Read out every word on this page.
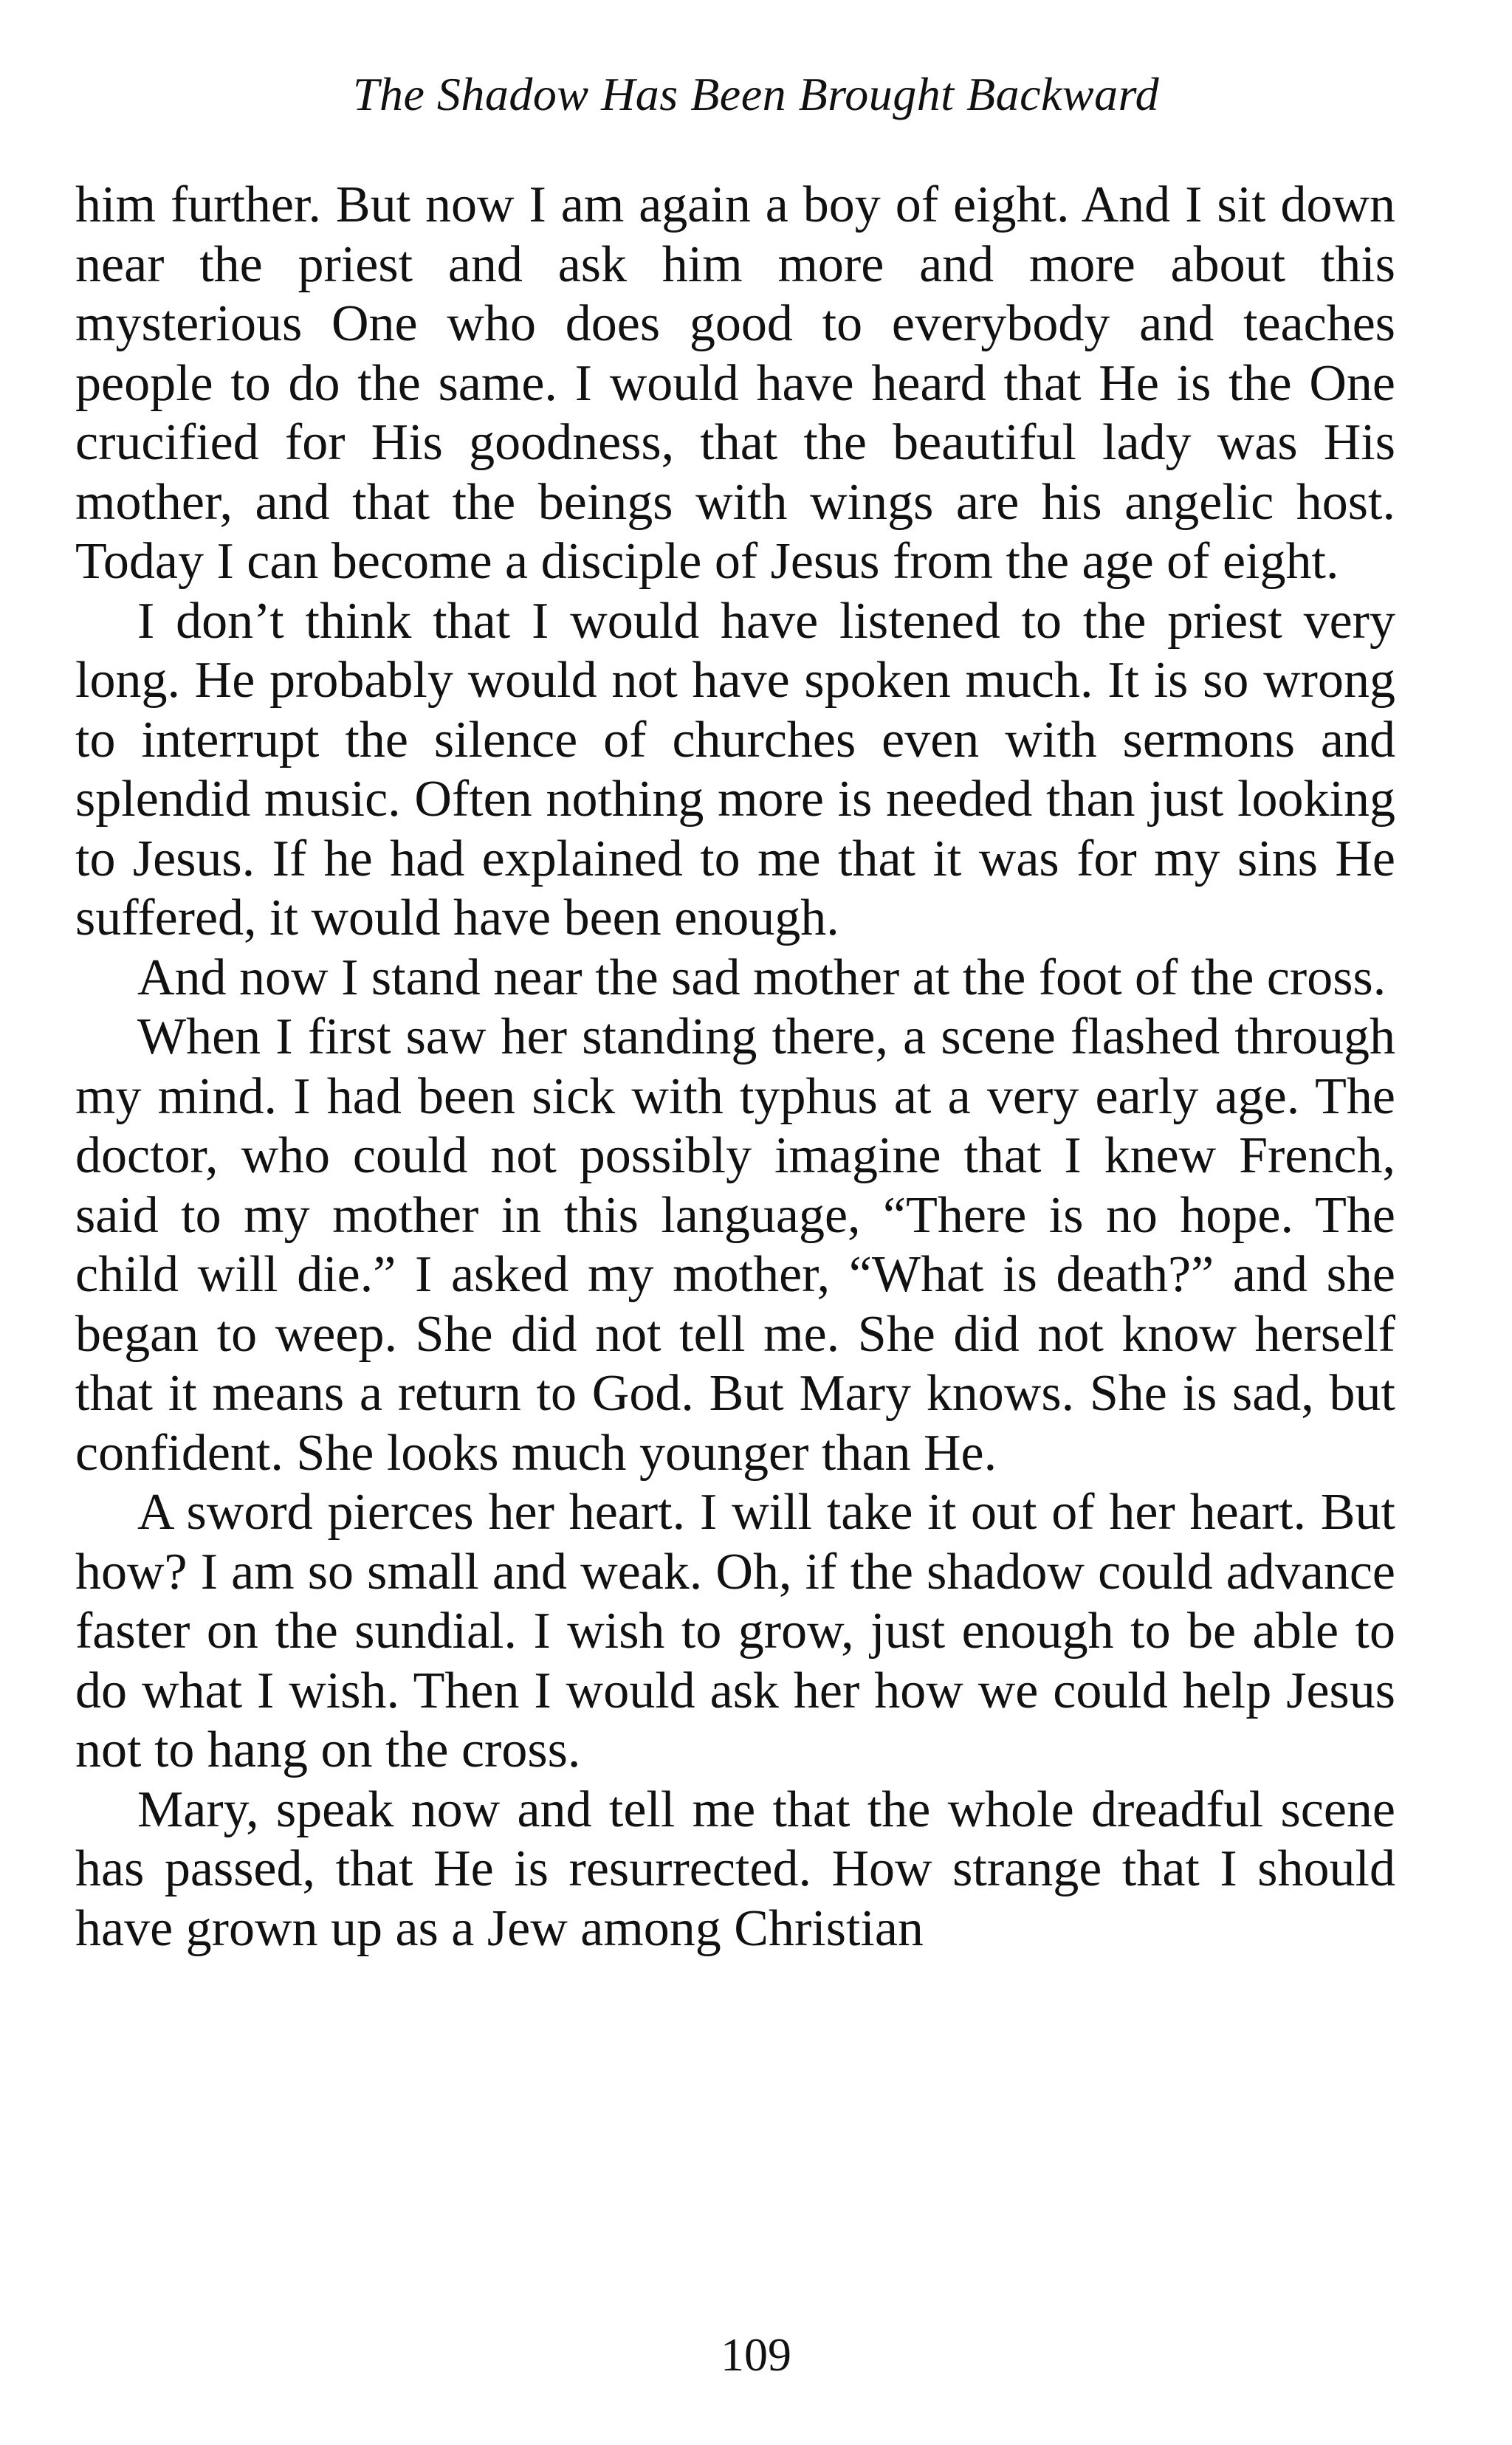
The Shadow Has Been Brought Backward

him further. But now I am again a boy of eight. And I sit down near the priest and ask him more and more about this mysterious One who does good to everybody and teaches people to do the same. I would have heard that He is the One crucified for His goodness, that the beautiful lady was His mother, and that the beings with wings are his angelic host. Today I can become a disciple of Jesus from the age of eight.

I don’t think that I would have listened to the priest very long. He probably would not have spoken much. It is so wrong to interrupt the silence of churches even with sermons and splendid music. Often nothing more is needed than just looking to Jesus. If he had explained to me that it was for my sins He suffered, it would have been enough.

And now I stand near the sad mother at the foot of the cross.

When I first saw her standing there, a scene flashed through my mind. I had been sick with typhus at a very early age. The doctor, who could not possibly imagine that I knew French, said to my mother in this language, “There is no hope. The child will die.” I asked my mother, “What is death?” and she began to weep. She did not tell me. She did not know herself that it means a return to God. But Mary knows. She is sad, but confident. She looks much younger than He.

A sword pierces her heart. I will take it out of her heart. But how? I am so small and weak. Oh, if the shadow could advance faster on the sundial. I wish to grow, just enough to be able to do what I wish. Then I would ask her how we could help Jesus not to hang on the cross.

Mary, speak now and tell me that the whole dreadful scene has passed, that He is resurrected. How strange that I should have grown up as a Jew among Christian

109
